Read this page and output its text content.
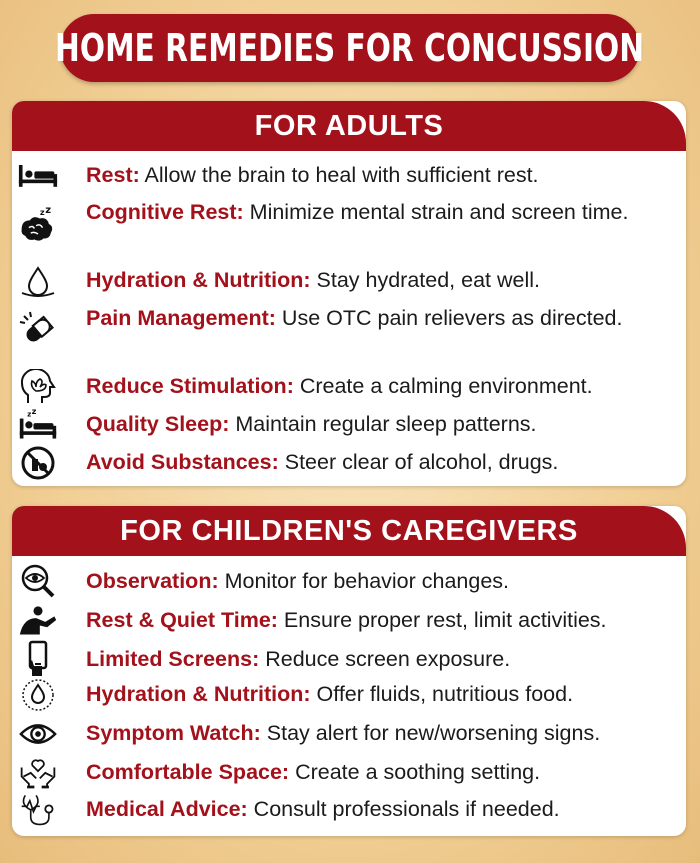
HOME REMEDIES FOR CONCUSSION
FOR ADULTS
Rest: Allow the brain to heal with sufficient rest.
z z Cognitive Rest: Minimize mental strain and screen time.
Hydration & Nutrition: Stay hydrated, eat well.
Pain Management: Use OTC pain relievers as directed.
Reduce Stimulation: Create a calming environment.
z z
Quality Sleep: Maintain regular sleep patterns.
Avoid Substances: Steer clear of alcohol, drugs.
FOR CHILDREN'S CAREGIVERS
Observation: Monitor for behavior changes.
Rest & Quiet Time: Ensure proper rest, limit activities.
Limited Screens: Reduce screen exposure.
Hydration & Nutrition: Offer fluids, nutritious food.
Symptom Watch: Stay alert for new/worsening signs.
Comfortable Space: Create a soothing setting.
Medical Advice: Consult professionals if needed.
